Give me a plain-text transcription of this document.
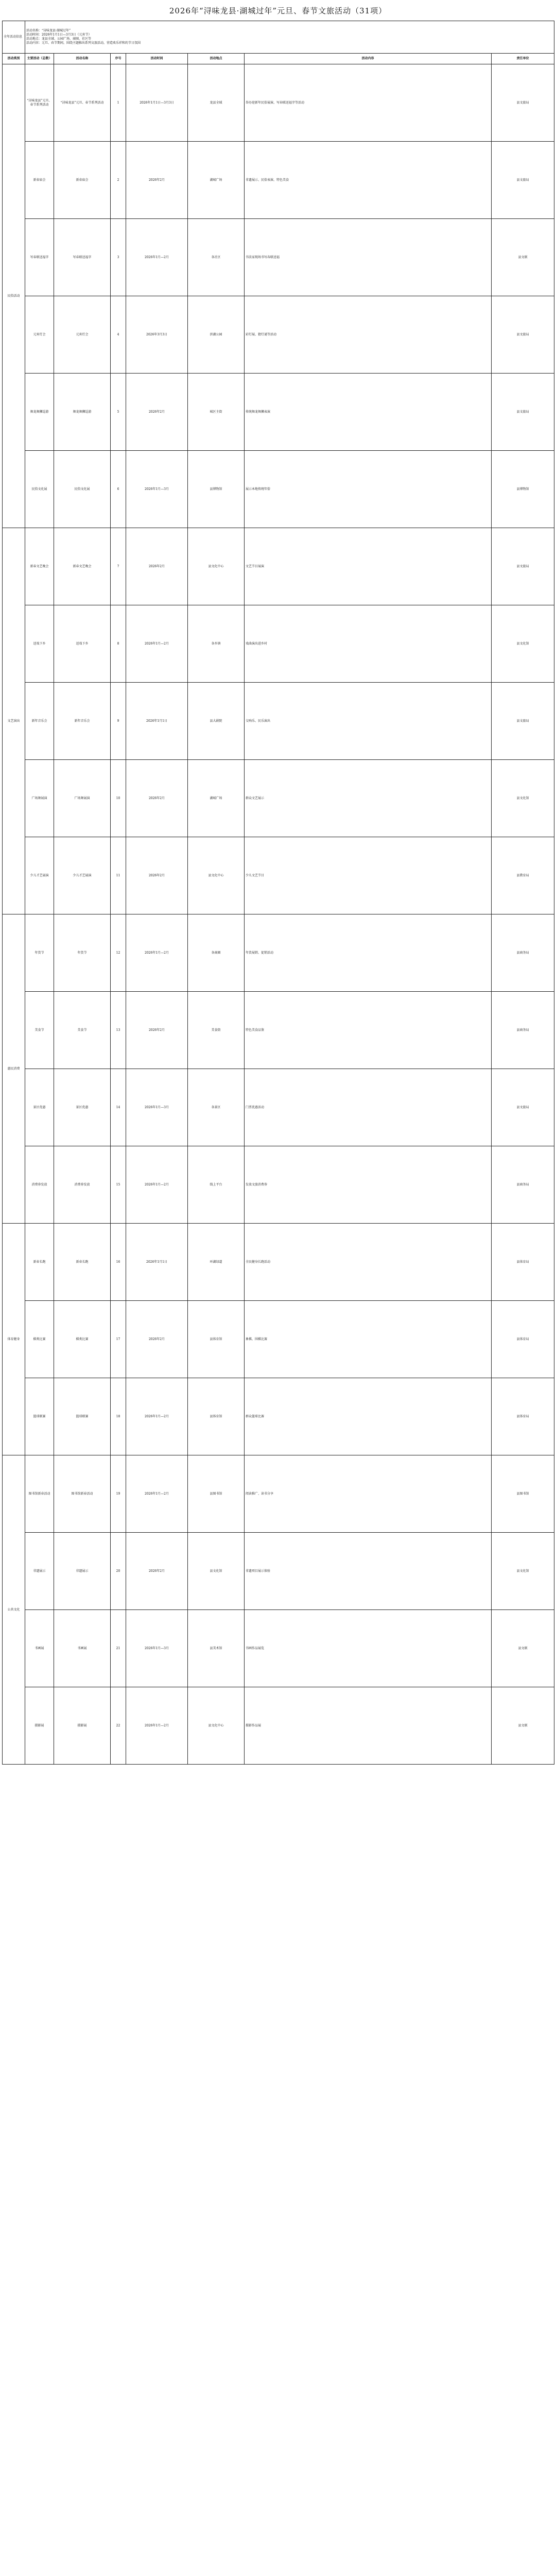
2026年“浔味龙县·湖城过年”元旦、春节文旅活动（31项）
全年活动信息	活动名称：“浔味龙县·湖城过年”
活动时间：2026年1月1日—3月3日（元宵节）
活动地点：龙县全域、公园广场、商圈、社区等
活动内容：元旦、春节期间，围绕主题推出系列文旅活动，营造欢乐祥和的节日氛围						

活动类别	主要活动（总数）	活动名称	序号	活动时间	活动地点	活动内容	责任单位
民俗活动	“浔味龙县”元旦、春节系列活动	“浔味龙县”元旦、春节系列活动	1	2026年1月1日—3月3日	龙县全域	举办迎新年民俗展演、写春联送福字等活动	县文旅局
	新春庙会	新春庙会	2	2026年2月	湖城广场	非遗展示、民俗表演、特色美食	县文旅局
	写春联送福字	写春联送福字	3	2026年1月—2月	各社区	书法家现场书写春联送福	县文联
	元宵灯会	元宵灯会	4	2026年3月3日	滨湖公园	彩灯展、猜灯谜等活动	县文旅局
	舞龙舞狮巡游	舞龙舞狮巡游	5	2026年2月	城区主街	传统舞龙舞狮表演	县文旅局
	民俗文化展	民俗文化展	6	2026年1月—3月	县博物馆	展示本地传统年俗	县博物馆
文艺演出	新春文艺晚会	新春文艺晚会	7	2026年2月	县文化中心	文艺节目展演	县文旅局
	送戏下乡	送戏下乡	8	2026年1月—2月	各乡镇	戏曲演出进乡村	县文化馆
	新年音乐会	新年音乐会	9	2026年1月1日	县大剧院	交响乐、民乐演出	县文旅局
	广场舞展演	广场舞展演	10	2026年2月	湖城广场	群众文艺展示	县文化馆
	少儿才艺展演	少儿才艺展演	11	2026年2月	县文化中心	少儿文艺节目	县教育局
惠民消费	年货节	年货节	12	2026年1月—2月	各商圈	年货展销、促销活动	县商务局
	美食节	美食节	13	2026年2月	美食街	特色美食品鉴	县商务局
	景区优惠	景区优惠	14	2026年1月—3月	各景区	门票优惠活动	县文旅局
	消费券发放	消费券发放	15	2026年1月—2月	线上平台	发放文旅消费券	县商务局
体育健身	新春长跑	新春长跑	16	2026年1月1日	环湖绿道	全民健身长跑活动	县体育局
	棋类比赛	棋类比赛	17	2026年2月	县体育馆	象棋、围棋比赛	县体育局
	篮球联赛	篮球联赛	18	2026年1月—2月	县体育馆	群众篮球比赛	县体育局
公共文化	图书馆新春活动	图书馆新春活动	19	2026年1月—2月	县图书馆	阅读推广、读书分享	县图书馆
	非遗展示	非遗展示	20	2026年2月	县文化馆	非遗项目展示体验	县文化馆
	书画展	书画展	21	2026年1月—3月	县美术馆	书画作品展览	县文联
	摄影展	摄影展	22	2026年1月—2月	县文化中心	摄影作品展	县文联
